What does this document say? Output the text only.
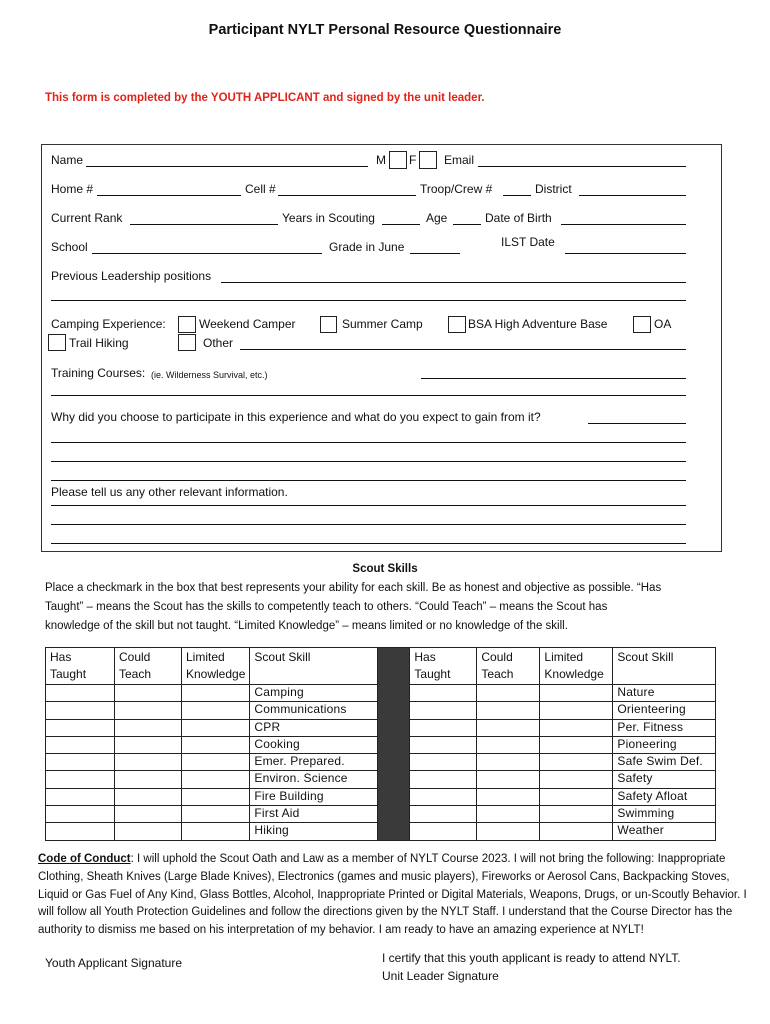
Participant NYLT Personal Resource Questionnaire
This form is completed by the YOUTH APPLICANT and signed by the unit leader.
Name	M F Email
Home #	Cell #	Troop/Crew #	District
Current Rank	Years in Scouting	Age	Date of Birth
School	Grade in June	ILST Date
Previous Leadership positions
Camping Experience:	Weekend Camper	Summer Camp	BSA High Adventure Base	OA
Trail Hiking	Other
Training Courses: (ie. Wilderness Survival, etc.)
Why did you choose to participate in this experience and what do you expect to gain from it?
Please tell us any other relevant information.
Scout Skills
Place a checkmark in the box that best represents your ability for each skill. Be as honest and objective as possible. “Has
Taught” – means the Scout has the skills to competently teach to others. “Could Teach” – means the Scout has
knowledge of the skill but not taught. “Limited Knowledge” – means limited or no knowledge of the skill.
Has
Taught	Could
Teach	Limited
Knowledge	Scout Skill		Has
Taught	Could
Teach	Limited
Knowledge	Scout Skill
			Camping					Nature
			Communications					Orienteering
			CPR					Per. Fitness
			Cooking					Pioneering
			Emer. Prepared.					Safe Swim Def.
			Environ. Science					Safety
			Fire Building					Safety Afloat
			First Aid					Swimming
			Hiking					Weather
Code of Conduct: I will uphold the Scout Oath and Law as a member of NYLT Course 2023. I will not bring the following: Inappropriate Clothing, Sheath Knives (Large Blade Knives), Electronics (games and music players), Fireworks or Aerosol Cans, Backpacking Stoves, Liquid or Gas Fuel of Any Kind, Glass Bottles, Alcohol, Inappropriate Printed or Digital Materials, Weapons, Drugs, or un-Scoutly Behavior. I will follow all Youth Protection Guidelines and follow the directions given by the NYLT Staff. I understand that the Course Director has the authority to dismiss me based on his interpretation of my behavior. I am ready to have an amazing experience at NYLT!
Youth Applicant Signature	I certify that this youth applicant is ready to attend NYLT.
Unit Leader Signature
